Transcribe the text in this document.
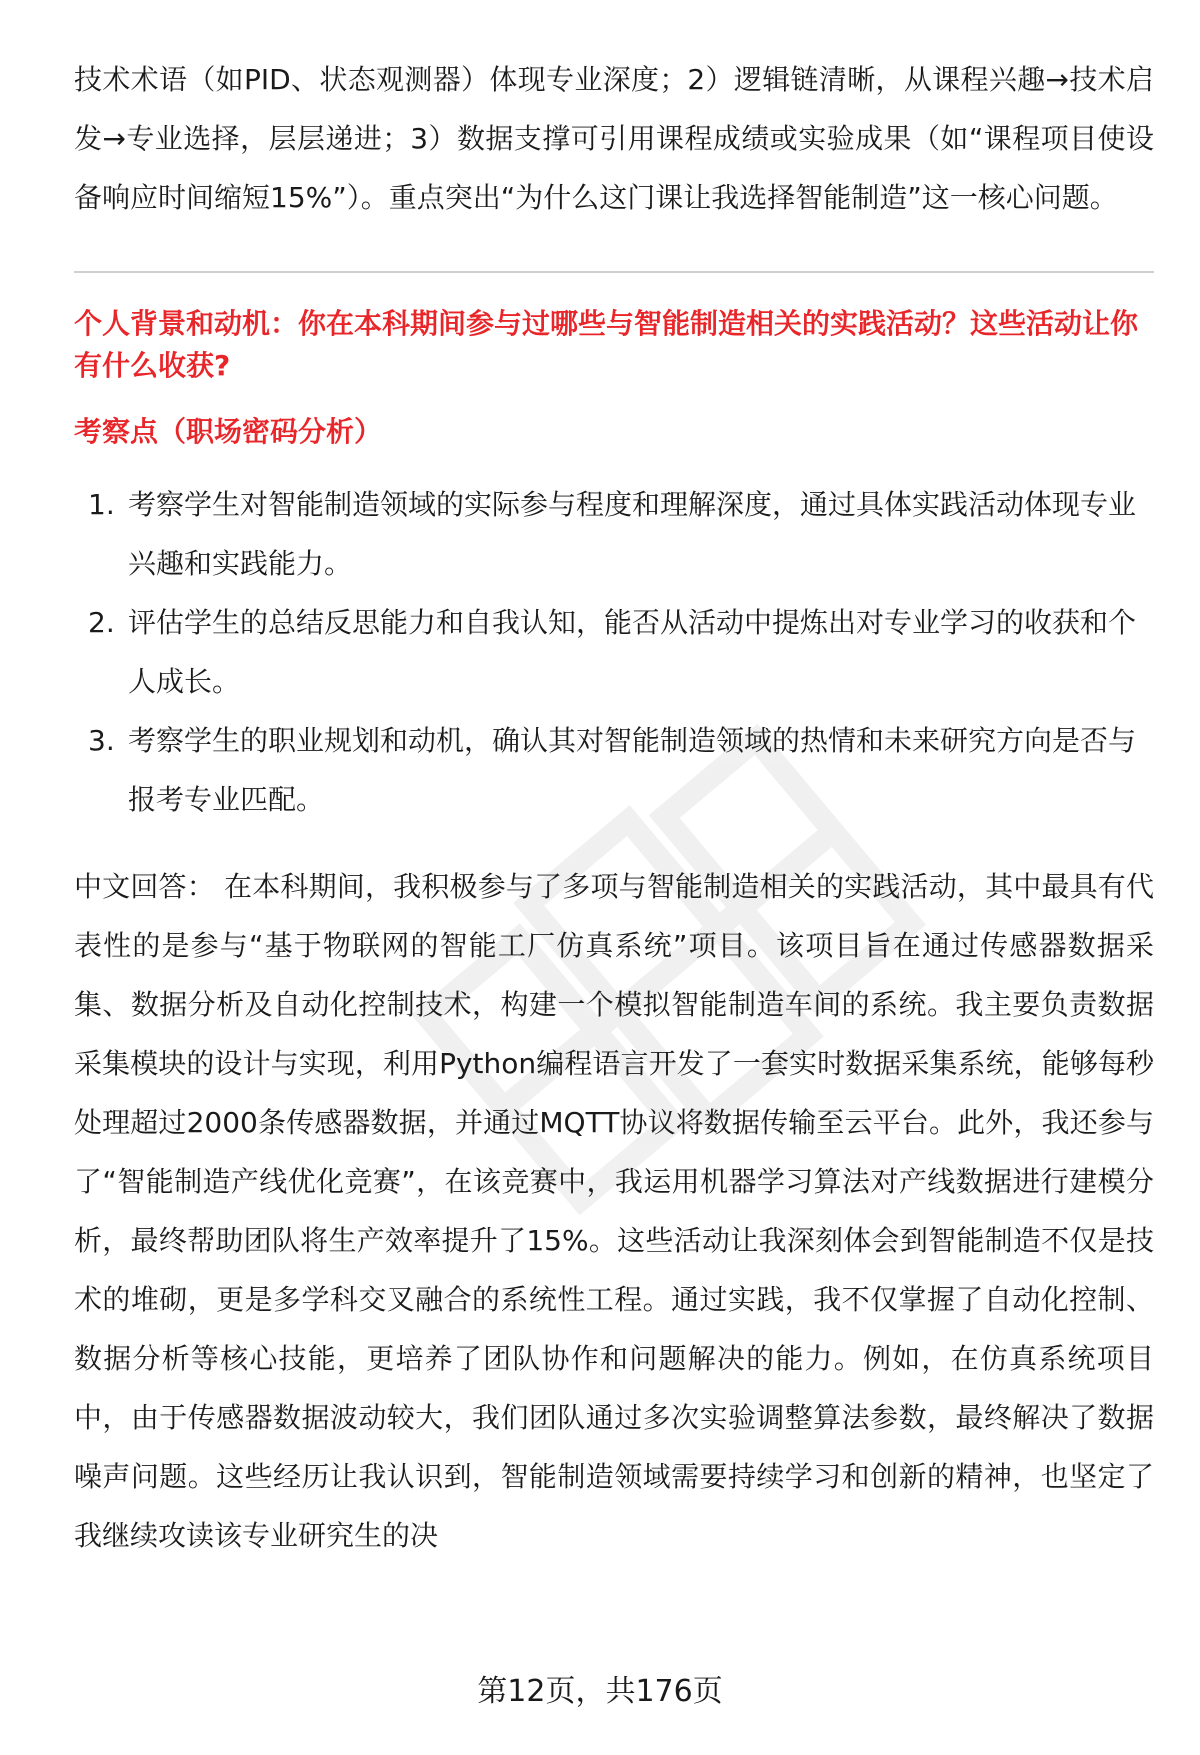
技术术语（如PID、状态观测器）体现专业深度；2）逻辑链清晰，从课程兴趣→技术启发→专业选择，层层递进；3）数据支撑可引用课程成绩或实验成果（如“课程项目使设备响应时间缩短15%”）。重点突出“为什么这门课让我选择智能制造”这一核心问题。

个人背景和动机：你在本科期间参与过哪些与智能制造相关的实践活动？这些活动让你有什么收获?

考察点（职场密码分析）

1. 考察学生对智能制造领域的实际参与程度和理解深度，通过具体实践活动体现专业兴趣和实践能力。
2. 评估学生的总结反思能力和自我认知，能否从活动中提炼出对专业学习的收获和个人成长。
3. 考察学生的职业规划和动机，确认其对智能制造领域的热情和未来研究方向是否与报考专业匹配。

中文回答： 在本科期间，我积极参与了多项与智能制造相关的实践活动，其中最具有代表性的是参与“基于物联网的智能工厂仿真系统”项目。该项目旨在通过传感器数据采集、数据分析及自动化控制技术，构建一个模拟智能制造车间的系统。我主要负责数据采集模块的设计与实现，利用Python编程语言开发了一套实时数据采集系统，能够每秒处理超过2000条传感器数据，并通过MQTT协议将数据传输至云平台。此外，我还参与了“智能制造产线优化竞赛”，在该竞赛中，我运用机器学习算法对产线数据进行建模分析，最终帮助团队将生产效率提升了15%。这些活动让我深刻体会到智能制造不仅是技术的堆砌，更是多学科交叉融合的系统性工程。通过实践，我不仅掌握了自动化控制、数据分析等核心技能，更培养了团队协作和问题解决的能力。例如，在仿真系统项目中，由于传感器数据波动较大，我们团队通过多次实验调整算法参数，最终解决了数据噪声问题。这些经历让我认识到，智能制造领域需要持续学习和创新的精神，也坚定了我继续攻读该专业研究生的决

第12页，共176页
